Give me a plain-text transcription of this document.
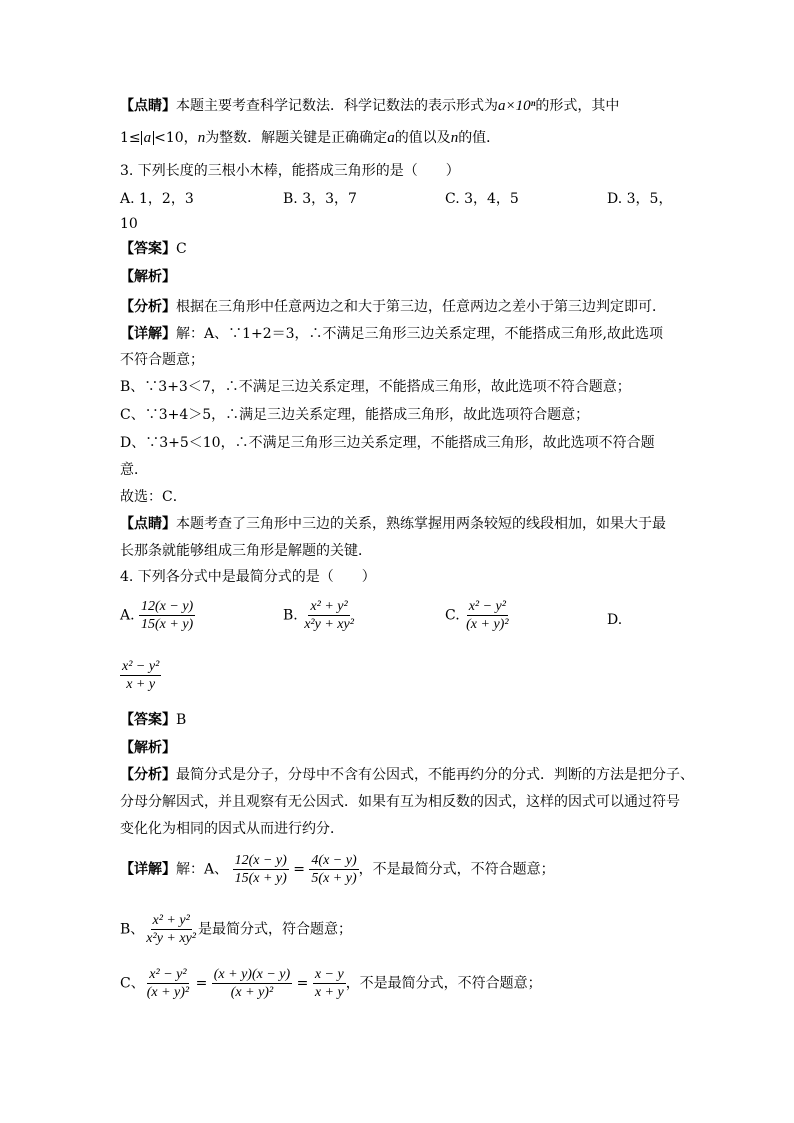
【点睛】本题主要考查科学记数法．科学记数法的表示形式为a×10ⁿ的形式，其中
1≤ a <10，n为整数．解题关键是正确确定a的值以及n的值．
3. 下列长度的三根小木棒，能搭成三角形的是（　　）
A. 1，2，3	B. 3，3，7	C. 3，4，5	D. 3，5，
10
【答案】C
【解析】
【分析】根据在三角形中任意两边之和大于第三边，任意两边之差小于第三边判定即可．
【详解】解：A、∵1+2＝3，∴不满足三角形三边关系定理，不能搭成三角形,故此选项
不符合题意；
B、∵3+3＜7，∴不满足三边关系定理，不能搭成三角形，故此选项不符合题意；
C、∵3+4＞5，∴满足三边关系定理，能搭成三角形，故此选项符合题意；
D、∵3+5＜10，∴不满足三角形三边关系定理，不能搭成三角形，故此选项不符合题
意．
故选：C．
【点睛】本题考查了三角形中三边的关系，熟练掌握用两条较短的线段相加，如果大于最
长那条就能够组成三角形是解题的关键．
4. 下列各分式中是最简分式的是（　　）
A. $\frac{12(x - y)}{15(x + y)}$	B. $\frac{\text{x² + y²}}{\text{x²y + xy²}}$	C. $\frac{\text{x² − y²}}{\text{(x + y)²}}$	D.
$\frac{\text{x² − y²}}{x + y}$
【答案】B
【解析】
【分析】最简分式是分子，分母中不含有公因式，不能再约分的分式．判断的方法是把分子、
分母分解因式，并且观察有无公因式．如果有互为相反数的因式，这样的因式可以通过符号
变化化为相同的因式从而进行约分．
【详解】解：A、 $\frac{12(x - y)}{15(x + y)} = \frac{4(x - y)}{5(x + y)}$ ，不是最简分式，不符合题意；
B、 $\frac{\text{x² + y²}}{\text{x²y + xy²}}$ 是最简分式，符合题意；
C、 $\frac{\text{x² − y²}}{\text{(x + y)²}} = \frac{(x + y)(x - y)}{\text{(x + y)²}} = \frac{x - y}{x + y}$ ，不是最简分式，不符合题意；
